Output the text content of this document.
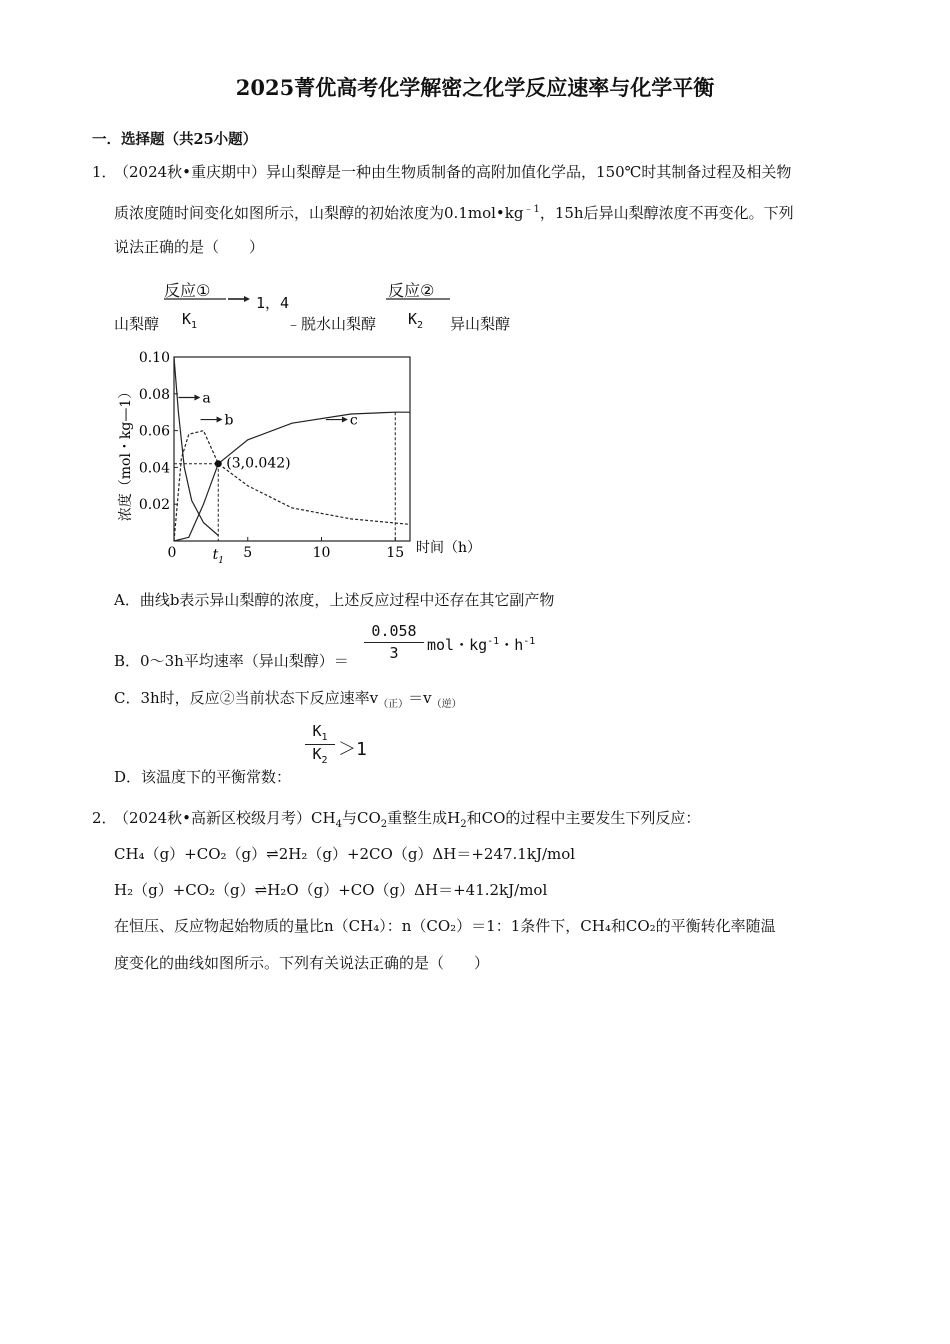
2025菁优高考化学解密之化学反应速率与化学平衡
一．选择题（共25小题）
1．
（2024秋•重庆期中）异山梨醇是一种由生物质制备的高附加值化学品，150℃时其制备过程及相关物
质浓度随时间变化如图所示，山梨醇的初始浓度为$0.1mol•kg^{﹣1}$，15h后异山梨醇浓度不再变化。下列
说法正确的是（　　）
山梨醇
反应①
1，4
$K_1$	﹣脱水山梨醇
反应②
$K_2$ 异山梨醇
0.10
0.08
0.06
0.04
0.02
0	5	10	15
$t_1$
时间（h）
浓度（mol・kg—1）	a
b	c
(3,0.042)
A．曲线b表示异山梨醇的浓度，上述反应过程中还存在其它副产物
B．0～3h平均速率（异山梨醇）＝
0.058
3	mol・$kg^{-1}$・$h^{-1}$
C．3h时，反应②当前状态下反应速率$v_{(正)}=v_{(逆)}$
D．该温度下的平衡常数：
$K_1$
$K_2$
＞1
2．
（2024秋•高新区校级月考）$CH_4$与$CO_2$重整生成$H_2$和CO的过程中主要发生下列反应：
CH₄（g）+CO₂（g）⇌2H₂（g）+2CO（g）ΔH＝+247.1kJ/mol
H₂（g）+CO₂（g）⇌H₂O（g）+CO（g）ΔH＝+41.2kJ/mol
在恒压、反应物起始物质的量比n（CH₄）：n（CO₂）＝1：1条件下，CH₄和CO₂的平衡转化率随温
度变化的曲线如图所示。下列有关说法正确的是（　　）
